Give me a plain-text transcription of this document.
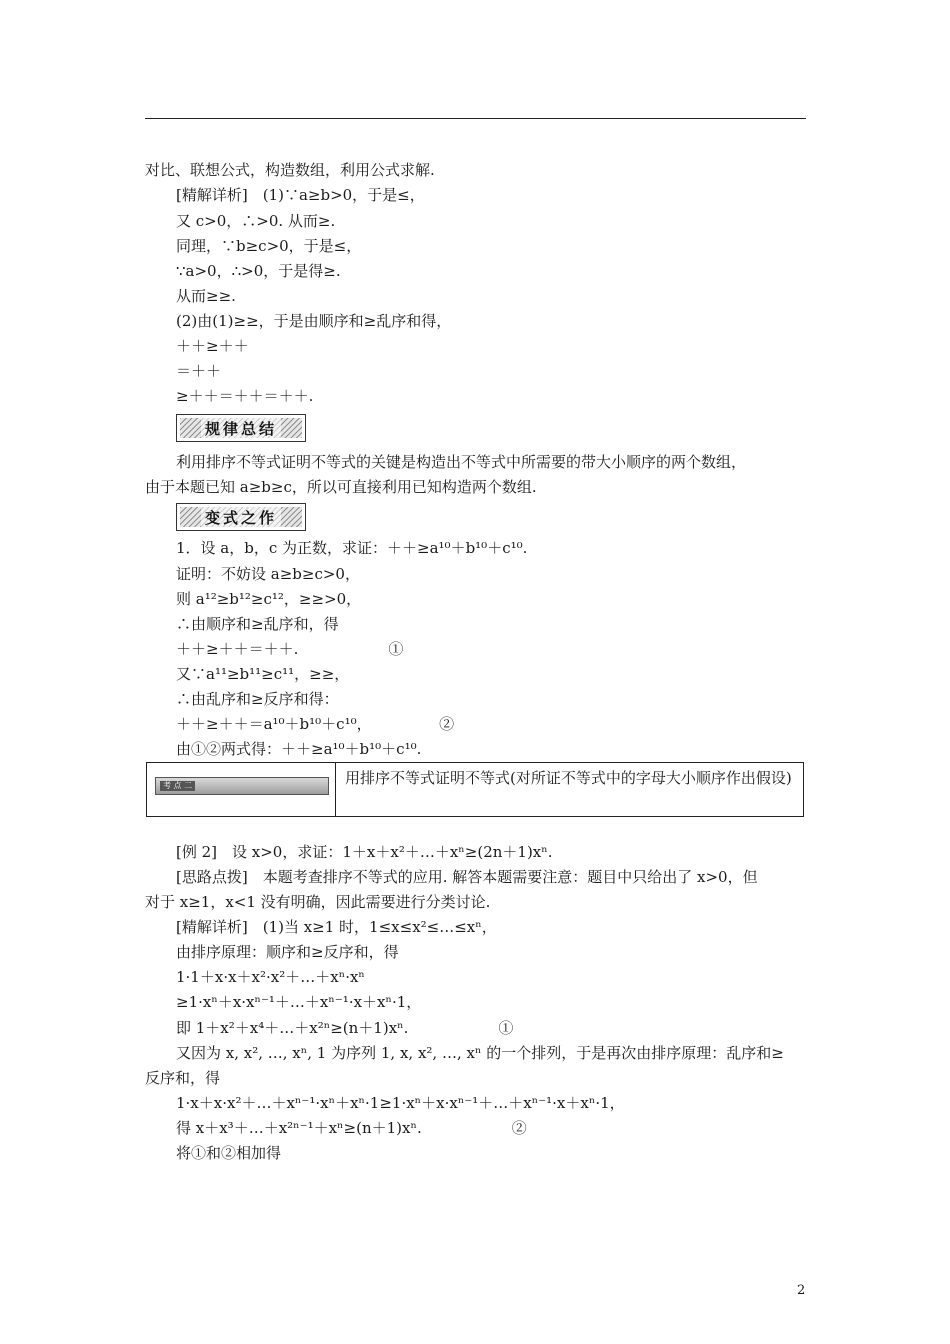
对比、联想公式，构造数组，利用公式求解.
[精解详析]　(1)∵a≥b>0，于是≤，
又 c>0，∴>0. 从而≥.
同理，∵b≥c>0，于是≤，
∵a>0，∴>0，于是得≥.
从而≥≥.
(2)由(1)≥≥，于是由顺序和≥乱序和得，
＋＋≥＋＋
＝＋＋
≥＋＋＝＋＋＝＋＋.
规律总结
利用排序不等式证明不等式的关键是构造出不等式中所需要的带大小顺序的两个数组，
由于本题已知 a≥b≥c，所以可直接利用已知构造两个数组.
变式之作
1．设 a，b，c 为正数，求证：＋＋≥a¹⁰＋b¹⁰＋c¹⁰.
证明：不妨设 a≥b≥c>0，
则 a¹²≥b¹²≥c¹²，≥≥>0，
∴由顺序和≥乱序和，得
＋＋≥＋＋＝＋＋.　　　　　　①
又∵a¹¹≥b¹¹≥c¹¹，≥≥，
∴由乱序和≥反序和得：
＋＋≥＋＋＝a¹⁰＋b¹⁰＋c¹⁰，　　　　　②
由①②两式得：＋＋≥a¹⁰＋b¹⁰＋c¹⁰.
考 点 二	用排序不等式证明不等式(对所证不等式中的字母大小顺序作出假设)
[例 2]　设 x>0，求证：1＋x＋x²＋…＋xⁿ≥(2n＋1)xⁿ.
[思路点拨]　本题考查排序不等式的应用. 解答本题需要注意：题目中只给出了 x>0，但
对于 x≥1，x<1 没有明确，因此需要进行分类讨论.
[精解详析]　(1)当 x≥1 时，1≤x≤x²≤…≤xⁿ，
由排序原理：顺序和≥反序和，得
1·1＋x·x＋x²·x²＋…＋xⁿ·xⁿ
≥1·xⁿ＋x·xⁿ⁻¹＋…＋xⁿ⁻¹·x＋xⁿ·1，
即 1＋x²＋x⁴＋…＋x²ⁿ≥(n＋1)xⁿ.　　　　　　①
又因为 x, x², …, xⁿ, 1 为序列 1, x, x², …, xⁿ 的一个排列，于是再次由排序原理：乱序和≥
反序和，得
1·x＋x·x²＋…＋xⁿ⁻¹·xⁿ＋xⁿ·1≥1·xⁿ＋x·xⁿ⁻¹＋…＋xⁿ⁻¹·x＋xⁿ·1，
得 x＋x³＋…＋x²ⁿ⁻¹＋xⁿ≥(n＋1)xⁿ.　　　　　　②
将①和②相加得
2
